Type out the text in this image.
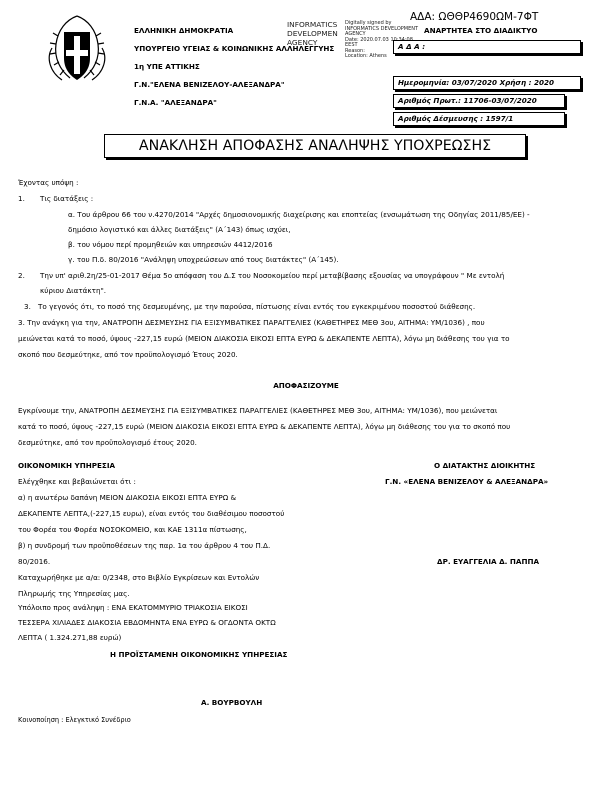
ΑΔΑ: ΩΘΘΡ4690ΩΜ-7ΦΤ
ΕΛΛΗΝΙΚΗ ΔΗΜΟΚΡΑΤΙΑ
ΥΠΟΥΡΓΕΙΟ ΥΓΕΙΑΣ & ΚΟΙΝΩΝΙΚΗΣ ΑΛΛΗΛΕΓΓΥΗΣ
1η ΥΠΕ ΑΤΤΙΚΗΣ
Γ.Ν."ΕΛΕΝΑ ΒΕΝΙΖΕΛΟΥ-ΑΛΕΞΑΝΔΡΑ"
Γ.Ν.Α. "ΑΛΕΞΑΝΔΡΑ"
INFORMATICS
DEVELOPMEN
AGENCY
Digitally signed by
INFORMATICS DEVELOPMENT
AGENCY
Date: 2020.07.03 10:34:08
EEST
Reason:
Location: Athens
ΑΝΑΡΤΗΤΕΑ ΣΤΟ ΔΙΑΔΙΚΤΥΟ
Α Δ Α :
Ημερομηνία: 03/07/2020 Χρήση : 2020
Αριθμός Πρωτ.: 11706-03/07/2020
Αριθμός Δέσμευσης : 1597/1
ΑΝΑΚΛΗΣΗ ΑΠΟΦΑΣΗΣ ΑΝΑΛΗΨΗΣ ΥΠΟΧΡΕΩΣΗΣ
Έχοντας υπόψη :
1. Τις διατάξεις :
α. Του άρθρου 66 του ν.4270/2014 "Αρχές δημοσιονομικής διαχείρισης και εποπτείας (ενσωμάτωση της Οδηγίας 2011/85/ΕΕ) -
δημόσιο λογιστικό και άλλες διατάξεις" (Α΄143) όπως ισχύει,
β. του νόμου περί προμηθειών και υπηρεσιών 4412/2016
γ. του Π.δ. 80/2016 "Ανάληψη υποχρεώσεων από τους διατάκτες" (Α΄145).
2. Την υπ' αριθ.2η/25-01-2017 Θέμα 5ο απόφαση του Δ.Σ του Νοσοκομείου περί μεταβίβασης εξουσίας να υπογράφουν " Με εντολή
κύριου Διατάκτη".
3. Το γεγονός ότι, το ποσό της δεσμευμένης, με την παρούσα, πίστωσης είναι εντός του εγκεκριμένου ποσοστού διάθεσης.
3. Την ανάγκη για την, ΑΝΑΤΡΟΠΗ ΔΕΣΜΕΥΣΗΣ ΓΙΑ ΕΞΙΣΥΜΒΑΤΙΚΕΣ ΠΑΡΑΓΓΕΛΙΕΣ (ΚΑΘΕΤΗΡΕΣ ΜΕΘ 3ου, ΑΙΤΗΜΑ: ΥΜ/1036) , που
μειώνεται κατά το ποσό, ύψους -227,15 ευρώ (ΜΕΙΟΝ ΔΙΑΚΟΣΙΑ ΕΙΚΟΣΙ ΕΠΤΑ ΕΥΡΩ & ΔΕΚΑΠΕΝΤΕ ΛΕΠΤΑ), λόγω μη διάθεσης του για το
σκοπό που δεσμεύτηκε, από τον προϋπολογισμό Έτους 2020.
ΑΠΟΦΑΣΙΖΟΥΜΕ
Εγκρίνουμε την, ΑΝΑΤΡΟΠΗ ΔΕΣΜΕΥΣΗΣ ΓΙΑ ΕΞΙΣΥΜΒΑΤΙΚΕΣ ΠΑΡΑΓΓΕΛΙΕΣ (ΚΑΘΕΤΗΡΕΣ ΜΕΘ 3ου, ΑΙΤΗΜΑ: ΥΜ/1036), που μειώνεται
κατά το ποσό, ύψους -227,15 ευρώ (ΜΕΙΟΝ ΔΙΑΚΟΣΙΑ ΕΙΚΟΣΙ ΕΠΤΑ ΕΥΡΩ & ΔΕΚΑΠΕΝΤΕ ΛΕΠΤΑ), λόγω μη διάθεσης του για το σκοπό που
δεσμεύτηκε, από τον προϋπολογισμό έτους 2020.
ΟΙΚΟΝΟΜΙΚΗ ΥΠΗΡΕΣΙΑ
Ελέγχθηκε και βεβαιώνεται ότι :
α) η ανωτέρω δαπάνη ΜΕΙΟΝ ΔΙΑΚΟΣΙΑ ΕΙΚΟΣΙ ΕΠΤΑ ΕΥΡΩ &
ΔΕΚΑΠΕΝΤΕ ΛΕΠΤΑ,(-227,15 ευρω), είναι εντός του διαθέσιμου ποσοστού
του Φορέα του Φορέα ΝΟΣΟΚΟΜΕΙΟ, και ΚΑΕ 1311α πίστωσης,
β) η συνδρομή των προϋποθέσεων της παρ. 1α του άρθρου 4 του Π.Δ.
80/2016.
Καταχωρήθηκε με α/α: 0/2348, στο Βιβλίο Εγκρίσεων και Εντολών
Πληρωμής της Υπηρεσίας μας.
Υπόλοιπο προς ανάληψη : ΕΝΑ ΕΚΑΤΟΜΜΥΡΙΟ ΤΡΙΑΚΟΣΙΑ ΕΙΚΟΣΙ
ΤΕΣΣΕΡΑ ΧΙΛΙΑΔΕΣ ΔΙΑΚΟΣΙΑ ΕΒΔΟΜΗΝΤΑ ΕΝΑ ΕΥΡΩ & ΟΓΔΟΝΤΑ ΟΚΤΩ
ΛΕΠΤΑ ( 1.324.271,88 ευρώ)
Η ΠΡΟΪΣΤΑΜΕΝΗ ΟΙΚΟΝΟΜΙΚΗΣ ΥΠΗΡΕΣΙΑΣ
Α. ΒΟΥΡΒΟΥΛΗ
Ο ΔΙΑΤΑΚΤΗΣ ΔΙΟΙΚΗΤΗΣ
Γ.Ν. «ΕΛΕΝΑ ΒΕΝΙΖΕΛΟΥ & ΑΛΕΞΑΝΔΡΑ»
ΔΡ. ΕΥΑΓΓΕΛΙΑ Δ. ΠΑΠΠΑ
Κοινοποίηση : Ελεγκτικό Συνέδριο
